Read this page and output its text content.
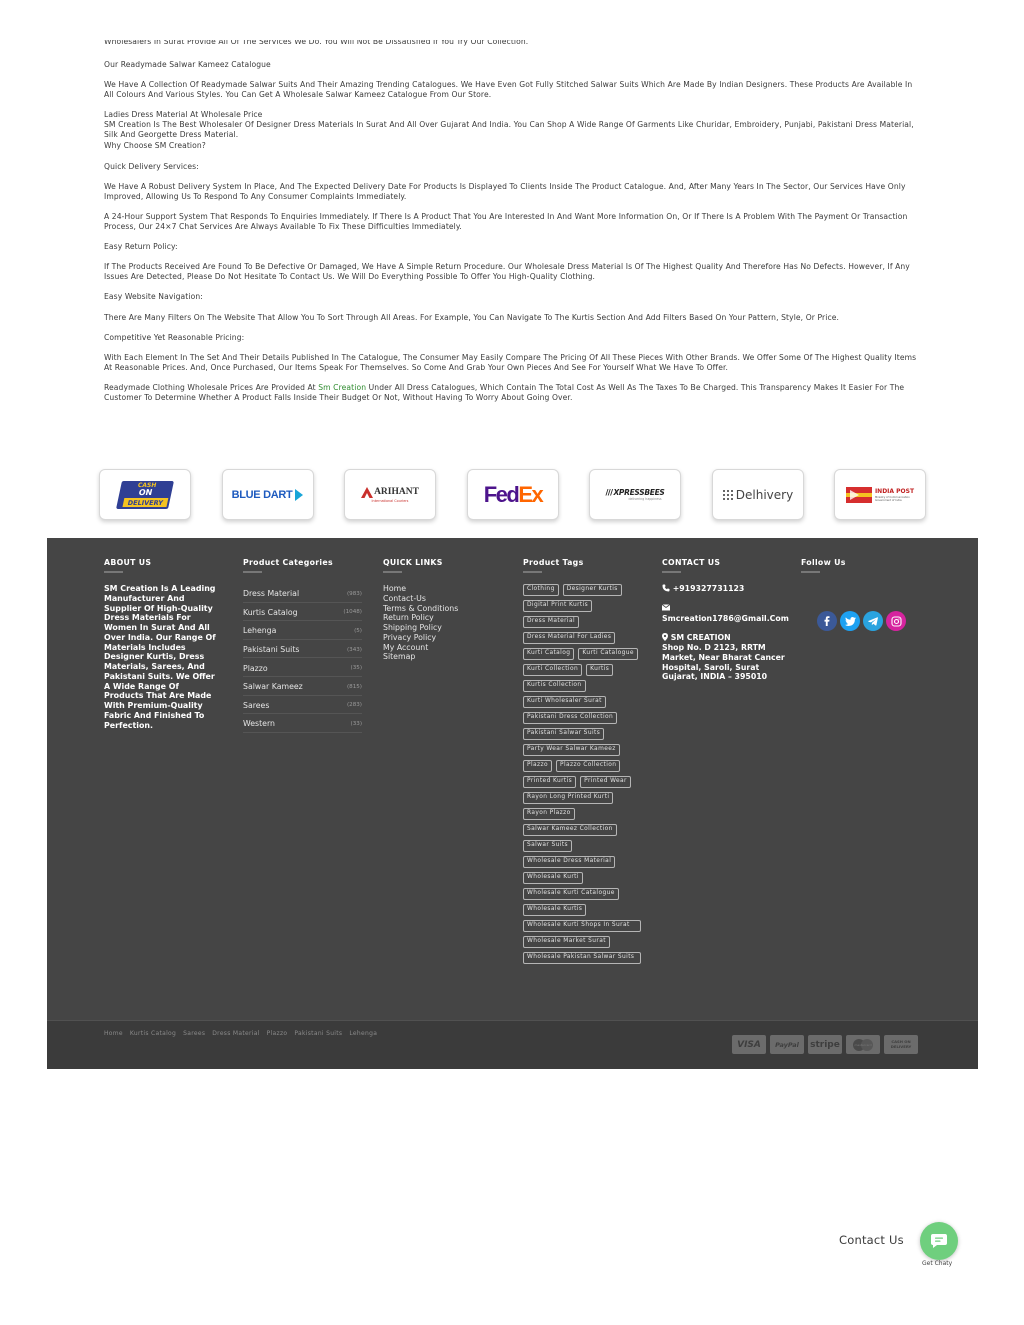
Wholesalers In Surat Provide All Of The Services We Do. You Will Not Be Dissatisfied If You Try Our Collection.

Our Readymade Salwar Kameez Catalogue

We Have A Collection Of Readymade Salwar Suits And Their Amazing Trending Catalogues. We Have Even Got Fully Stitched Salwar Suits Which Are Made By Indian Designers. These Products Are Available In All Colours And Various Styles. You Can Get A Wholesale Salwar Kameez Catalogue From Our Store.

Ladies Dress Material At Wholesale Price

SM Creation Is The Best Wholesaler Of Designer Dress Materials In Surat And All Over Gujarat And India. You Can Shop A Wide Range Of Garments Like Churidar, Embroidery, Punjabi, Pakistani Dress Material, Silk And Georgette Dress Material.

Why Choose SM Creation?

Quick Delivery Services:

We Have A Robust Delivery System In Place, And The Expected Delivery Date For Products Is Displayed To Clients Inside The Product Catalogue. And, After Many Years In The Sector, Our Services Have Only Improved, Allowing Us To Respond To Any Consumer Complaints Immediately.

A 24-Hour Support System That Responds To Enquiries Immediately. If There Is A Product That You Are Interested In And Want More Information On, Or If There Is A Problem With The Payment Or Transaction Process, Our 24×7 Chat Services Are Always Available To Fix These Difficulties Immediately.

Easy Return Policy:

If The Products Received Are Found To Be Defective Or Damaged, We Have A Simple Return Procedure. Our Wholesale Dress Material Is Of The Highest Quality And Therefore Has No Defects. However, If Any Issues Are Detected, Please Do Not Hesitate To Contact Us. We Will Do Everything Possible To Offer You High-Quality Clothing.

Easy Website Navigation:

There Are Many Filters On The Website That Allow You To Sort Through All Areas. For Example, You Can Navigate To The Kurtis Section And Add Filters Based On Your Pattern, Style, Or Price.

Competitive Yet Reasonable Pricing:

With Each Element In The Set And Their Details Published In The Catalogue, The Consumer May Easily Compare The Pricing Of All These Pieces With Other Brands. We Offer Some Of The Highest Quality Items At Reasonable Prices. And, Once Purchased, Our Items Speak For Themselves. So Come And Grab Your Own Pieces And See For Yourself What We Have To Offer.

Readymade Clothing Wholesale Prices Are Provided At Sm Creation Under All Dress Catalogues, Which Contain The Total Cost As Well As The Taxes To Be Charged. This Transparency Makes It Easier For The Customer To Determine Whether A Product Falls Inside Their Budget Or Not, Without Having To Worry About Going Over.

CASH
ON
DELIVERY
BLUE DART	ARIHANT
International Couriers	Fed Ex	/// XPRESSBEES
delivering happiness	Delhivery	INDIA POST
Ministry of Communication
Government of India
ABOUT US
SM Creation Is A Leading Manufacturer And Supplier Of High-Quality Dress Materials For Women In Surat And All Over India. Our Range Of Materials Includes Designer Kurtis, Dress Materials, Sarees, And Pakistani Suits. We Offer A Wide Range Of Products That Are Made With Premium-Quality Fabric And Finished To Perfection.
Product Categories
Dress Material	(983)
Kurtis Catalog	(1048)
Lehenga	(5)
Pakistani Suits	(343)
Plazzo	(35)
Salwar Kameez	(815)
Sarees	(283)
Western	(33)
QUICK LINKS
Home
Contact-Us
Terms & Conditions
Return Policy
Shipping Policy
Privacy Policy
My Account
Sitemap
Product Tags
Clothing	Designer Kurtis
Digital Print Kurtis
Dress Material
Dress Material For Ladies
Kurti Catalog	Kurti Catalogue
Kurti Collection	Kurtis
Kurtis Collection
Kurti Wholesaler Surat
Pakistani Dress Collection
Pakistani Salwar Suits
Party Wear Salwar Kameez
Plazzo	Plazzo Collection
Printed Kurtis	Printed Wear
Rayon Long Printed Kurti
Rayon Plazzo
Salwar Kameez Collection
Salwar Suits
Wholesale Dress Material
Wholesale Kurti
Wholesale Kurti Catalogue
Wholesale Kurtis
Wholesale Kurti Shops In Surat
Wholesale Market Surat
Wholesale Pakistan Salwar Suits
CONTACT US
+919327731123

Smcreation1786@Gmail.Com
SM CREATION
Shop No. D 2123, RRTM Market, Near Bharat Cancer Hospital, Saroli, Surat Gujarat, INDIA – 395010
Follow Us
Home Kurtis Catalog Sarees Dress Material Plazzo Pakistani Suits Lehenga
VISA	PayPal	stripe	mastercard
CASH ON
DELIVERY
Contact Us
Get Chaty
